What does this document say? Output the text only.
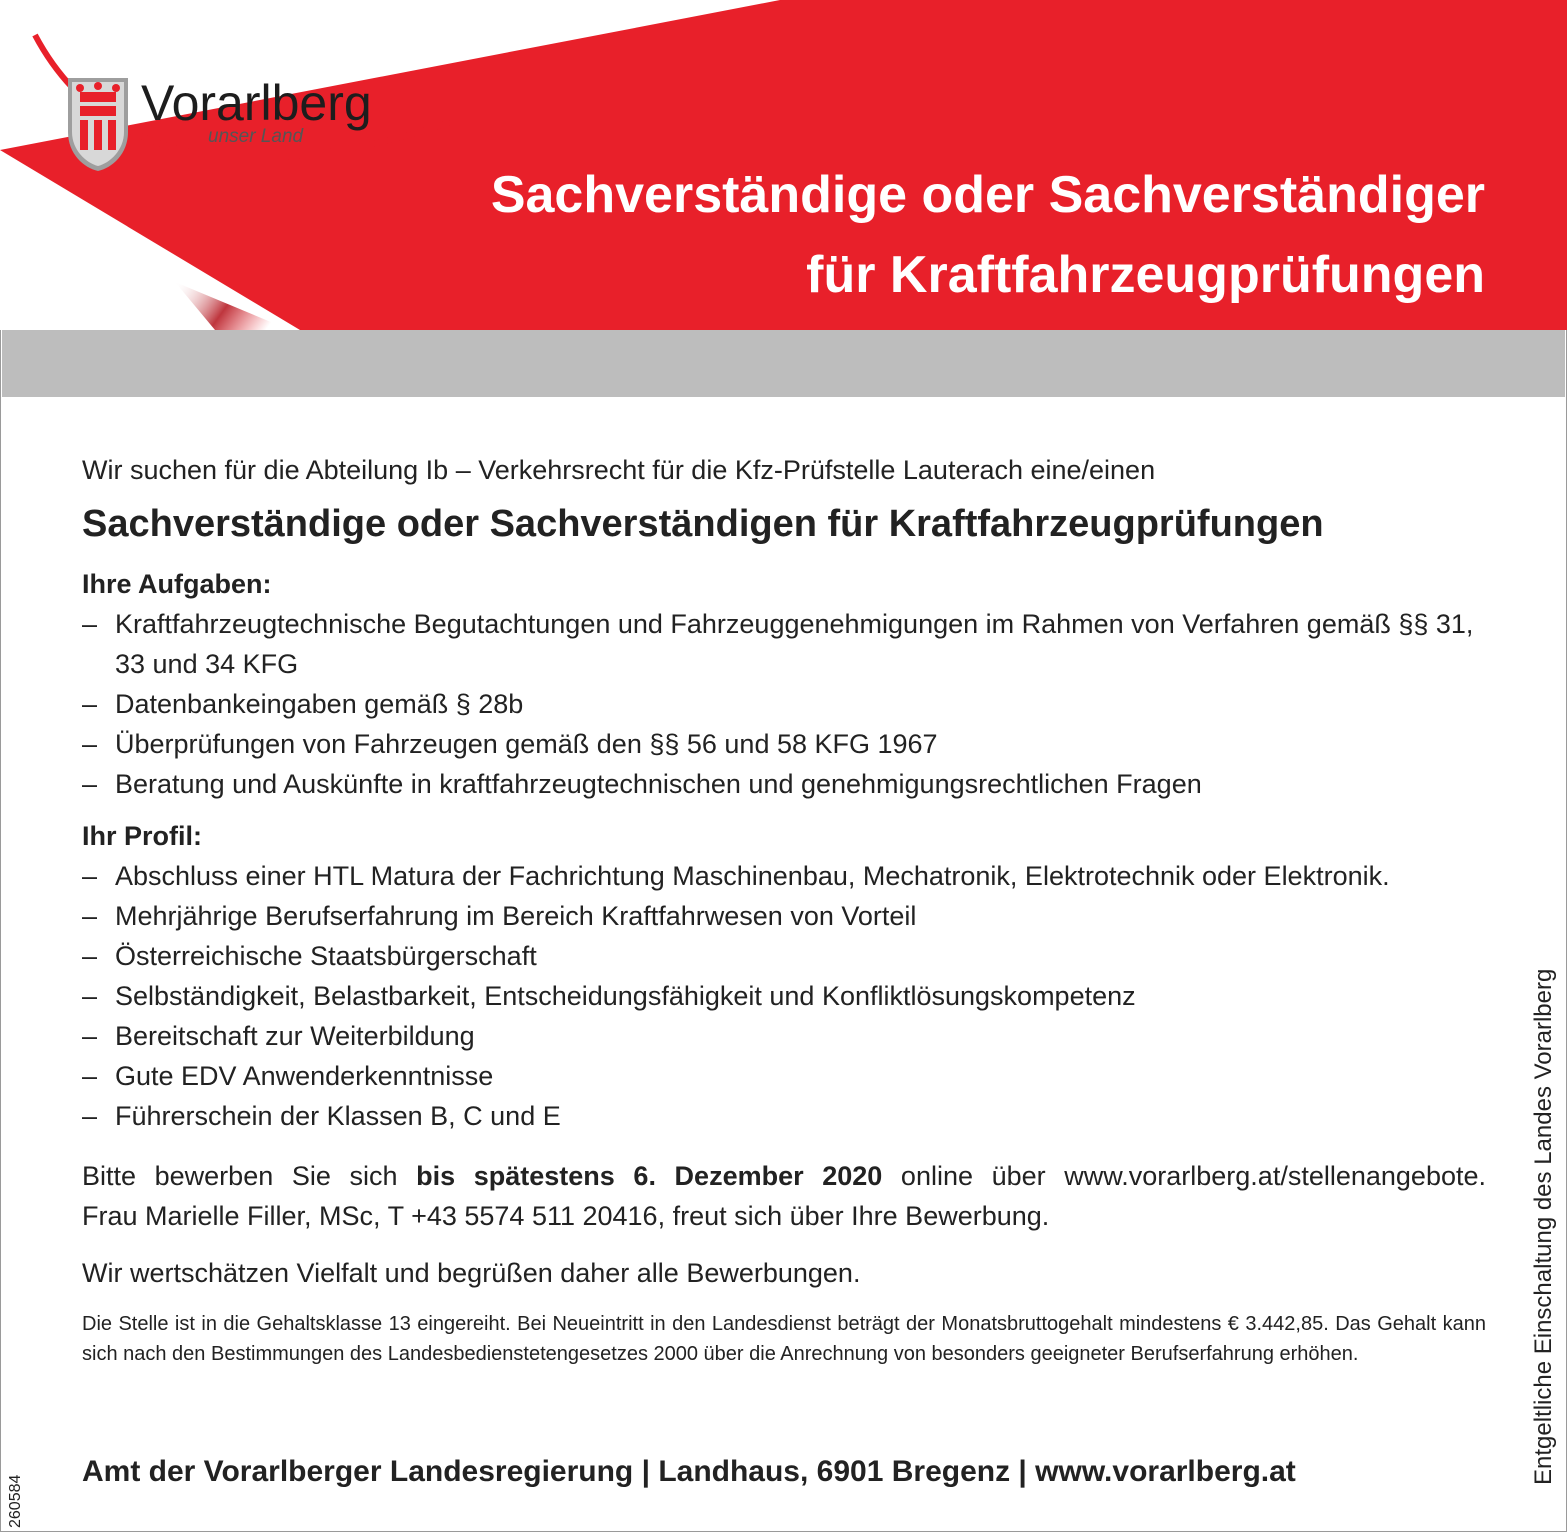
Vorarlberg
unser Land
Sachverständige oder Sachverständiger
für Kraftfahrzeugprüfungen

Wir suchen für die Abteilung Ib – Verkehrsrecht für die Kfz-Prüfstelle Lauterach eine/einen

Sachverständige oder Sachverständigen für Kraftfahrzeugprüfungen
Ihre Aufgaben:
– Kraftfahrzeugtechnische Begutachtungen und Fahrzeuggenehmigungen im Rahmen von Verfahren gemäß §§ 31, 33 und 34 KFG
– Datenbankeingaben gemäß § 28b
– Überprüfungen von Fahrzeugen gemäß den §§ 56 und 58 KFG 1967
– Beratung und Auskünfte in kraftfahrzeugtechnischen und genehmigungsrechtlichen Fragen
Ihr Profil:
– Abschluss einer HTL Matura der Fachrichtung Maschinenbau, Mechatronik, Elektrotechnik oder Elektronik.
– Mehrjährige Berufserfahrung im Bereich Kraftfahrwesen von Vorteil
– Österreichische Staatsbürgerschaft
– Selbständigkeit, Belastbarkeit, Entscheidungsfähigkeit und Konfliktlösungskompetenz
– Bereitschaft zur Weiterbildung
– Gute EDV Anwenderkenntnisse
– Führerschein der Klassen B, C und E

Bitte bewerben Sie sich bis spätestens 6. Dezember 2020 online über www.vorarlberg.at/stellenangebote.
Frau Marielle Filler, MSc, T +43 5574 511 20416, freut sich über Ihre Bewerbung.

Wir wertschätzen Vielfalt und begrüßen daher alle Bewerbungen.

Die Stelle ist in die Gehaltsklasse 13 eingereiht. Bei Neueintritt in den Landesdienst beträgt der Monatsbruttogehalt mindestens € 3.442,85. Das Gehalt kann sich nach den Bestimmungen des Landesbedienstetengesetzes 2000 über die Anrechnung von besonders geeigneter Berufserfahrung erhöhen.

Amt der Vorarlberger Landesregierung | Landhaus, 6901 Bregenz | www.vorarlberg.at	Entgeltliche Einschaltung des Landes Vorarlberg
260584
